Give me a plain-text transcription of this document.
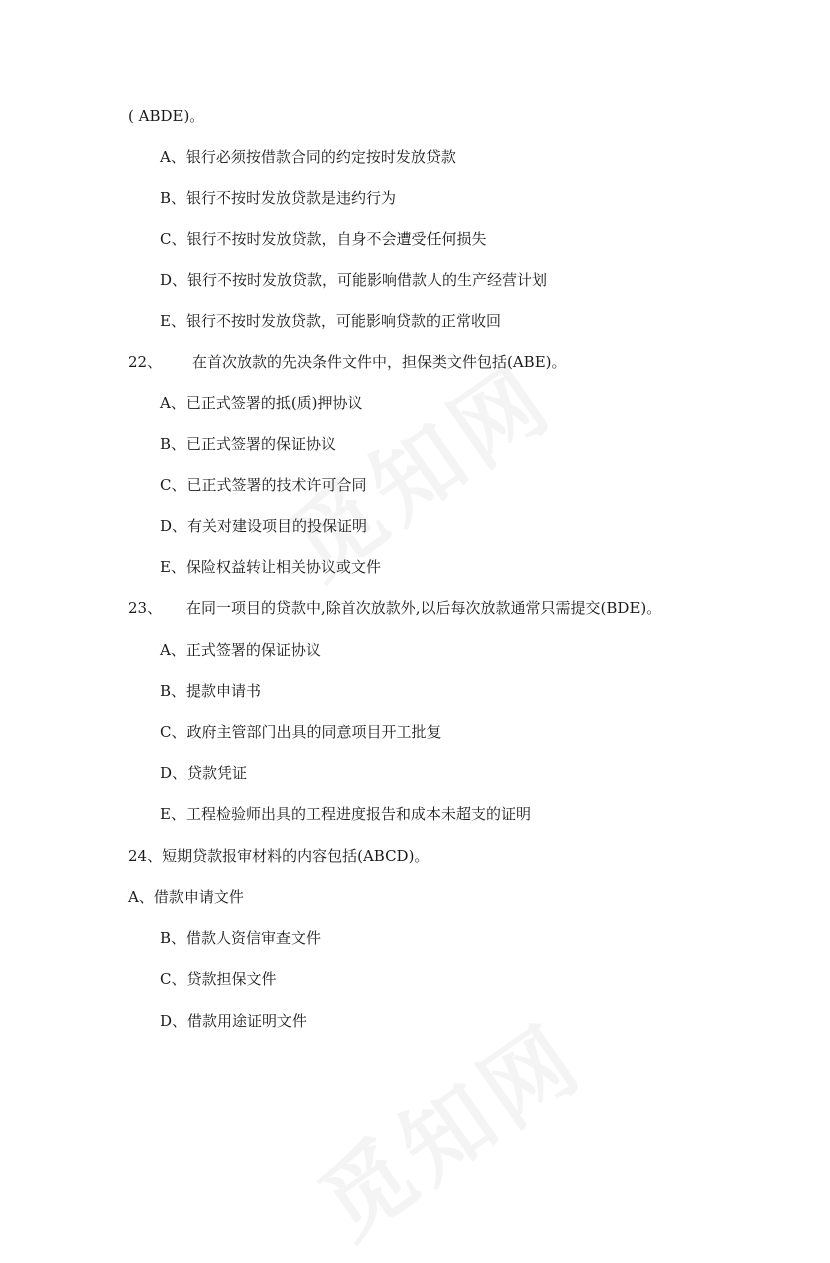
( ABDE)。
A、银行必须按借款合同的约定按时发放贷款
B、银行不按时发放贷款是违约行为
C、银行不按时发放贷款，自身不会遭受任何损失
D、银行不按时发放贷款，可能影响借款人的生产经营计划
E、银行不按时发放贷款，可能影响贷款的正常收回
22、 在首次放款的先决条件文件中，担保类文件包括(ABE)。
A、已正式签署的抵(质)押协议
B、已正式签署的保证协议
C、已正式签署的技术许可合同
D、有关对建设项目的投保证明
E、保险权益转让相关协议或文件
23、 在同一项目的贷款中,除首次放款外,以后每次放款通常只需提交(BDE)。
A、正式签署的保证协议
B、提款申请书
C、政府主管部门出具的同意项目开工批复
D、贷款凭证
E、工程检验师出具的工程进度报告和成本未超支的证明
24、短期贷款报审材料的内容包括(ABCD)。
A、借款申请文件
B、借款人资信审查文件
C、贷款担保文件
D、借款用途证明文件
